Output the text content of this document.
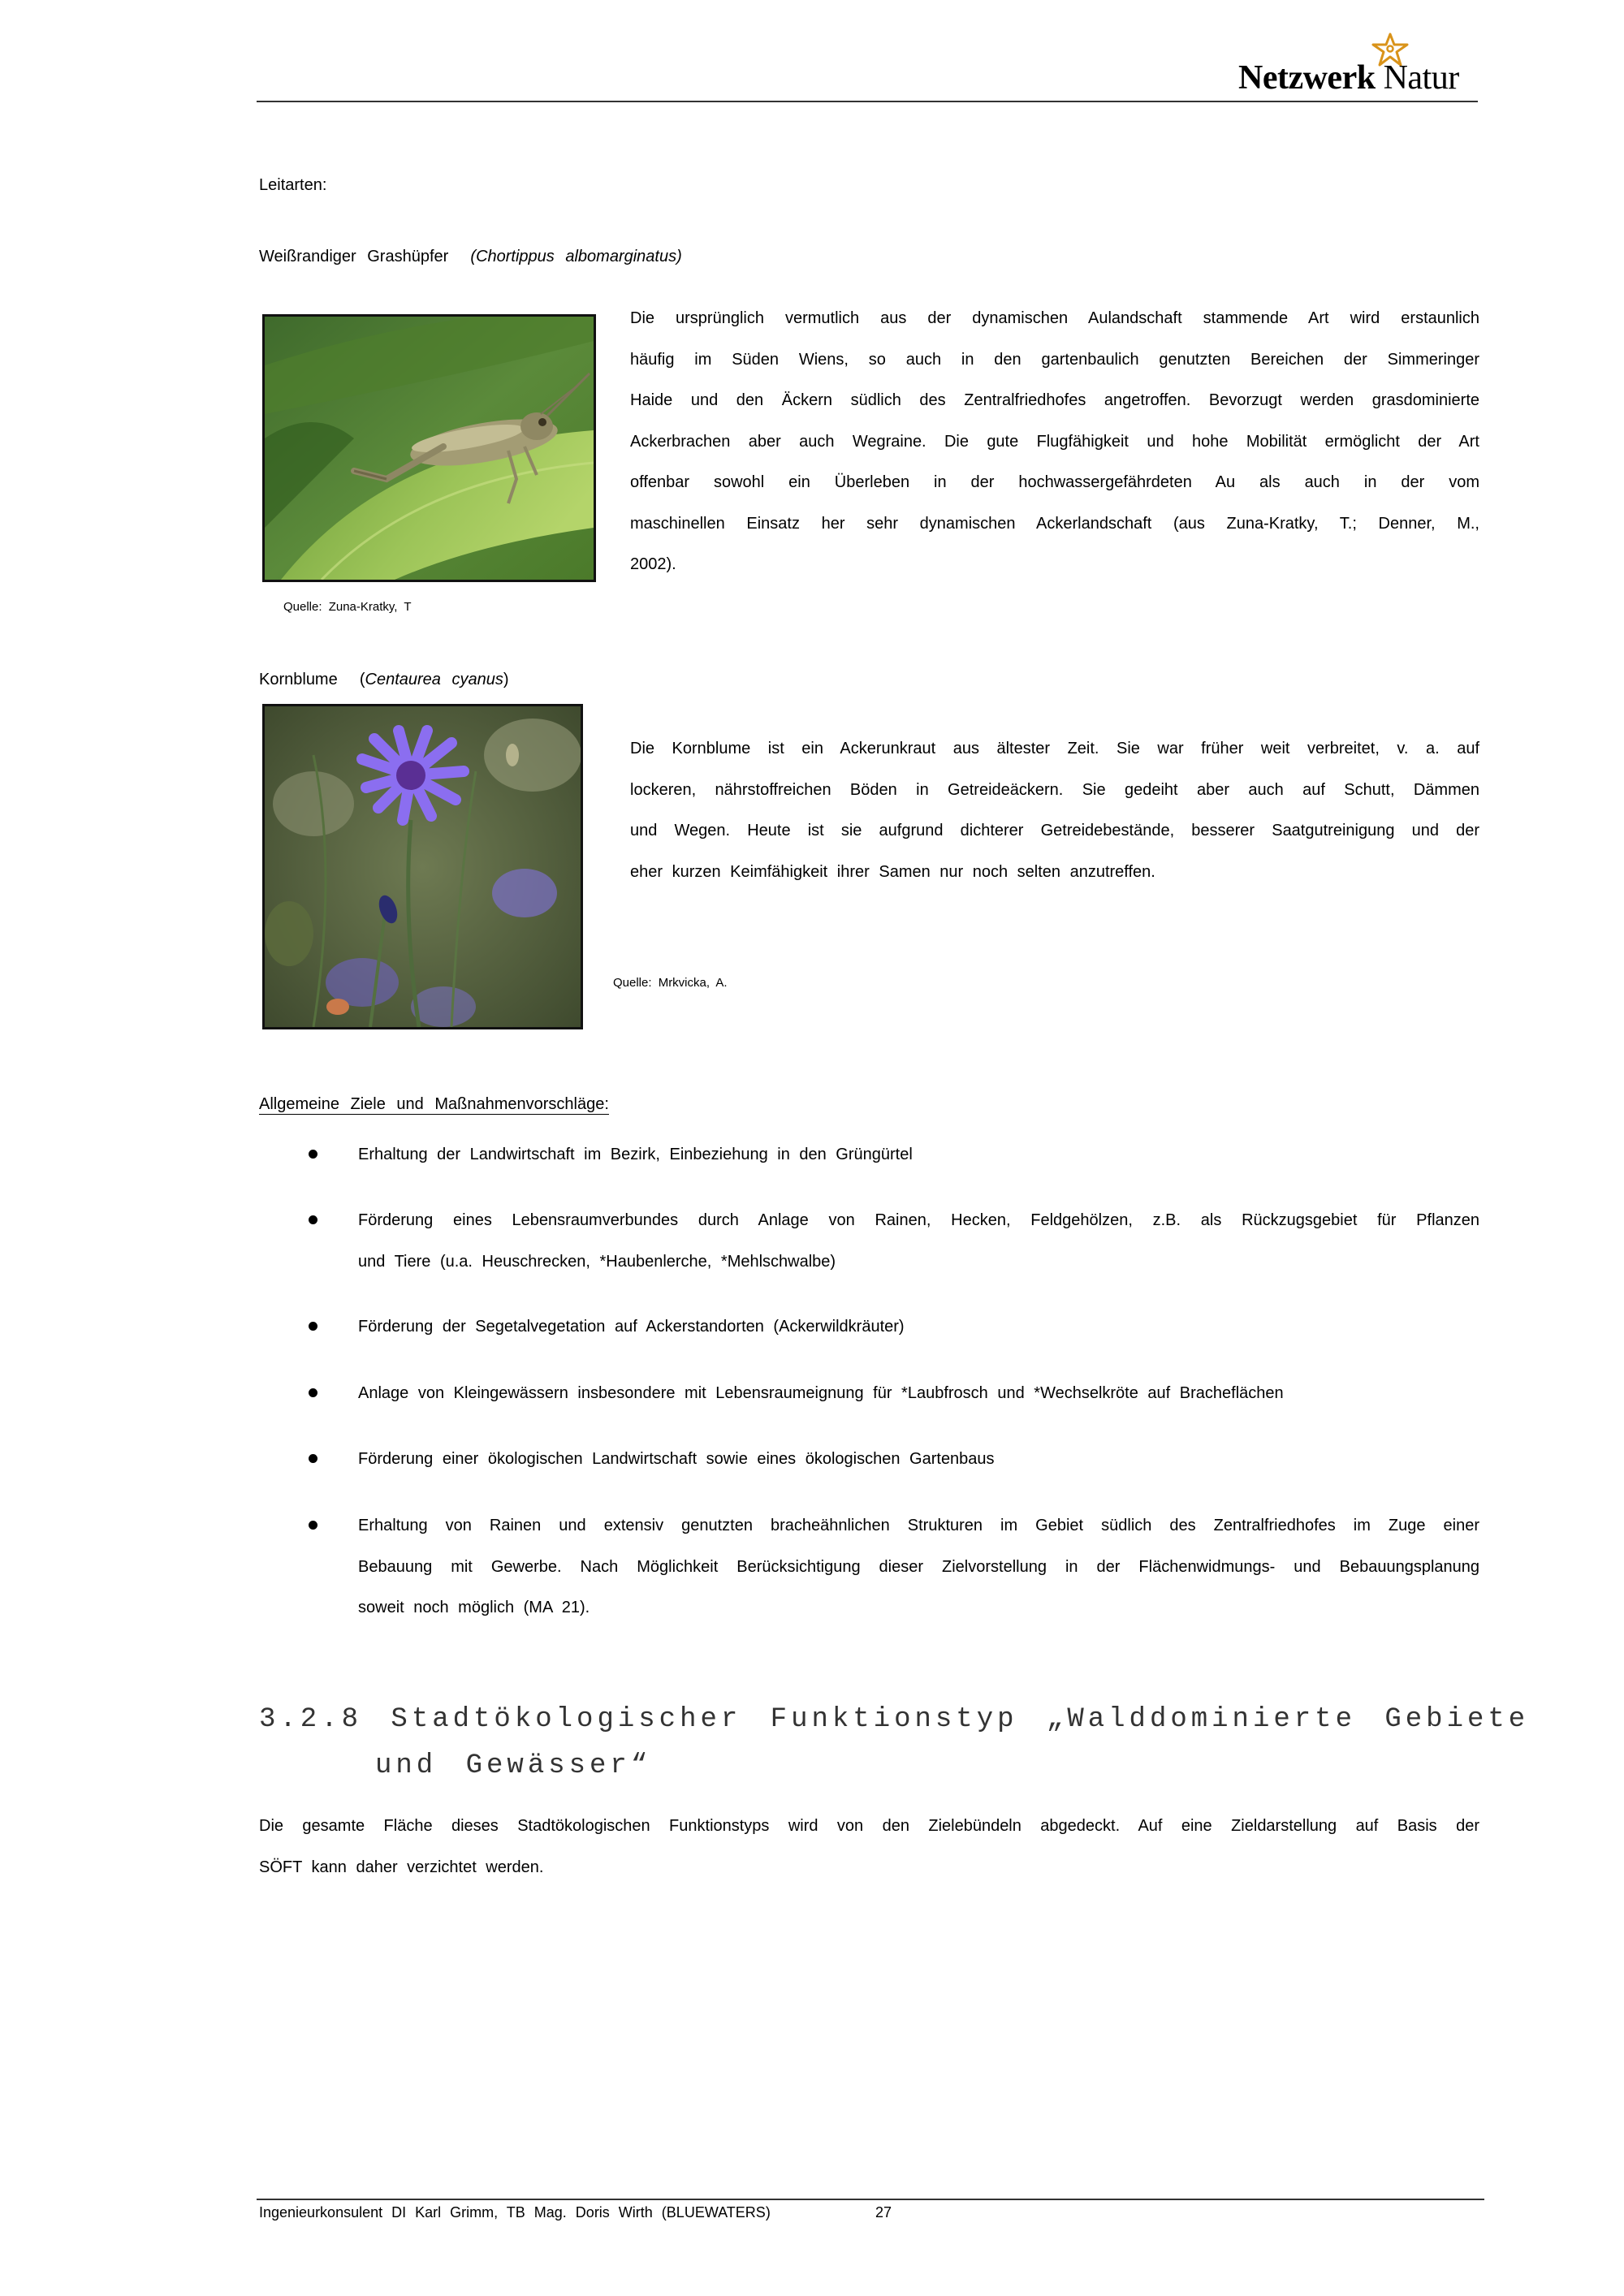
Netzwerk Natur
Leitarten:
Weißrandiger Grashüpfer (Chortippus albomarginatus)
Die ursprünglich vermutlich aus der dynamischen Aulandschaft stammende Art wird erstaunlich
häufig im Süden Wiens, so auch in den gartenbaulich genutzten Bereichen der Simmeringer
Haide und den Äckern südlich des Zentralfriedhofes angetroffen. Bevorzugt werden grasdominierte
Ackerbrachen aber auch Wegraine. Die gute Flugfähigkeit und hohe Mobilität ermöglicht der Art
offenbar sowohl ein Überleben in der hochwassergefährdeten Au als auch in der vom
maschinellen Einsatz her sehr dynamischen Ackerlandschaft (aus Zuna-Kratky, T.; Denner, M.,
2002).
Quelle: Zuna-Kratky, T
Kornblume (Centaurea cyanus)
Die Kornblume ist ein Ackerunkraut aus ältester Zeit. Sie war früher weit verbreitet, v. a. auf
lockeren, nährstoffreichen Böden in Getreideäckern. Sie gedeiht aber auch auf Schutt, Dämmen
und Wegen. Heute ist sie aufgrund dichterer Getreidebestände, besserer Saatgutreinigung und der
eher kurzen Keimfähigkeit ihrer Samen nur noch selten anzutreffen.
Quelle: Mrkvicka, A.
Allgemeine Ziele und Maßnahmenvorschläge:
Erhaltung der Landwirtschaft im Bezirk, Einbeziehung in den Grüngürtel
Förderung eines Lebensraumverbundes durch Anlage von Rainen, Hecken, Feldgehölzen, z.B. als Rückzugsgebiet für Pflanzen
und Tiere (u.a. Heuschrecken, *Haubenlerche, *Mehlschwalbe)
Förderung der Segetalvegetation auf Ackerstandorten (Ackerwildkräuter)
Anlage von Kleingewässern insbesondere mit Lebensraumeignung für *Laubfrosch und *Wechselkröte auf Bracheflächen
Förderung einer ökologischen Landwirtschaft sowie eines ökologischen Gartenbaus
Erhaltung von Rainen und extensiv genutzten bracheähnlichen Strukturen im Gebiet südlich des Zentralfriedhofes im Zuge einer
Bebauung mit Gewerbe. Nach Möglichkeit Berücksichtigung dieser Zielvorstellung in der Flächenwidmungs- und Bebauungsplanung
soweit noch möglich (MA 21).
3.2.8 Stadtökologischer Funktionstyp „Walddominierte Gebiete
und Gewässer“
Die gesamte Fläche dieses Stadtökologischen Funktionstyps wird von den Zielebündeln abgedeckt. Auf eine Zieldarstellung auf Basis der
SÖFT kann daher verzichtet werden.
Ingenieurkonsulent DI Karl Grimm, TB Mag. Doris Wirth (BLUEWATERS)	27
